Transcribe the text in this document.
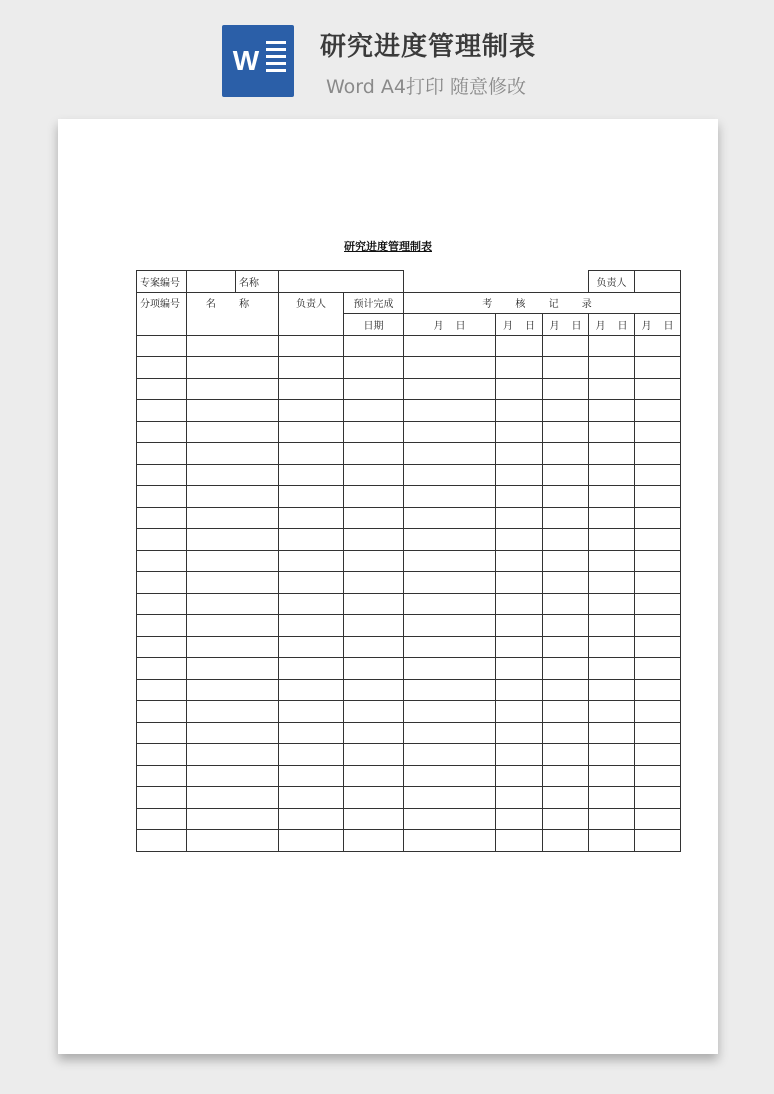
W 研究进度管理制表
Word A4打印 随意修改
研究进度管理制表
专案编号		名称						负责人	
分项编号	名 称		负责人	预计完成	考 核 记 录				
				日期	月 日	月 日	月 日	月 日	月 日
